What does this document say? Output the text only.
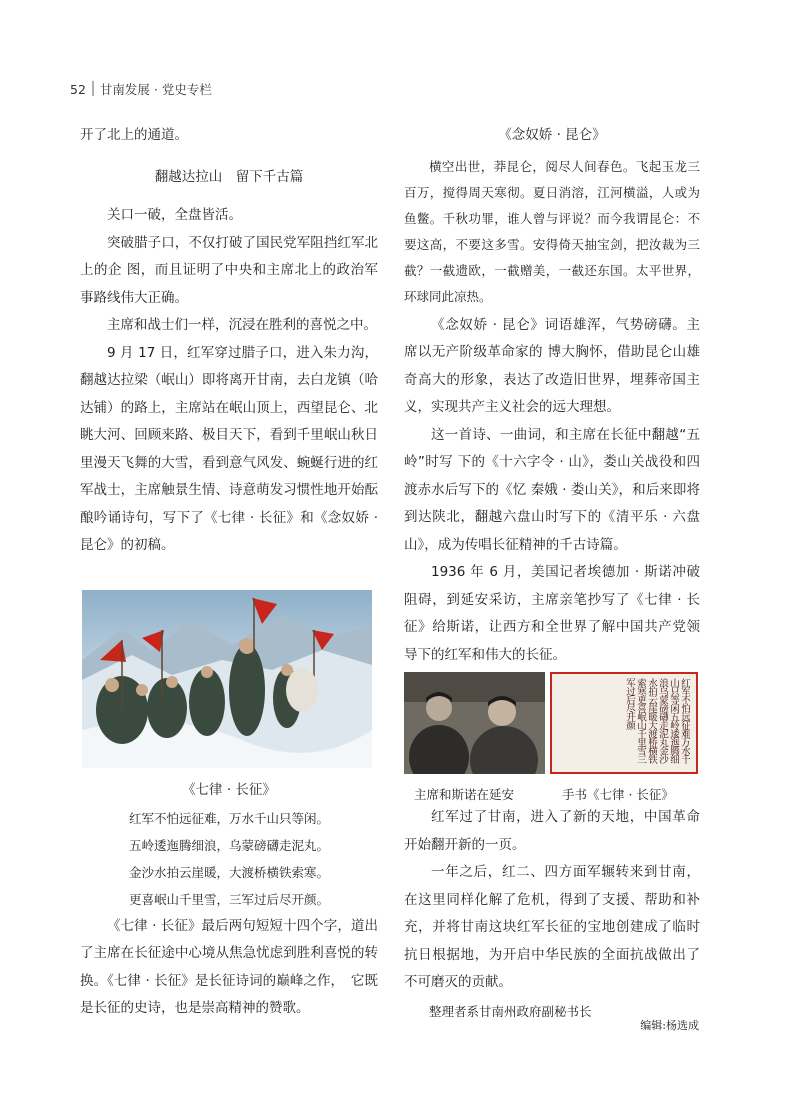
52 甘南发展 · 党史专栏

开了北上的通道。

翻越达拉山　留下千古篇

关口一破，全盘皆活。

突破腊子口，不仅打破了国民党军阻挡红军北上的企 图，而且证明了中央和主席北上的政治军事路线伟大正确。

主席和战士们一样，沉浸在胜利的喜悦之中。

9 月 17 日，红军穿过腊子口，进入朱力沟，翻越达拉梁（岷山）即将离开甘南，去白龙镇（哈达铺）的路上，主席站在岷山顶上，西望昆仑、北眺大河、回顾来路、极目天下，看到千里岷山秋日里漫天飞舞的大雪，看到意气风发、蜿蜒行进的红军战士，主席触景生情、诗意萌发习惯性地开始酝酿吟诵诗句，写下了《七律 · 长征》和《念奴娇 · 昆仑》的初稿。

《七律 · 长征》

红军不怕远征难，万水千山只等闲。
五岭逶迤腾细浪，乌蒙磅礴走泥丸。
金沙水拍云崖暖，大渡桥横铁索寒。
更喜岷山千里雪，三军过后尽开颜。

《七律 · 长征》最后两句短短十四个字，道出了主席在长征途中心境从焦急忧虑到胜利喜悦的转换。《七律 · 长征》是长征诗词的巅峰之作，　它既是长征的史诗，也是崇高精神的赞歌。

《念奴娇 · 昆仑》

横空出世，莽昆仑，阅尽人间春色。飞起玉龙三百万，搅得周天寒彻。夏日消溶，江河横溢，人或为鱼鳖。千秋功罪，谁人曾与评说？而今我谓昆仑：不要这高，不要这多雪。安得倚天抽宝剑，把汝裁为三截？一截遗欧，一截赠美，一截还东国。太平世界，环球同此凉热。

《念奴娇 · 昆仑》词语雄浑，气势磅礴。主席以无产阶级革命家的 博大胸怀，借助昆仑山雄奇高大的形象，表达了改造旧世界，埋葬帝国主义，实现共产主义社会的远大理想。

这一首诗、一曲词，和主席在长征中翻越“五岭”时写 下的《十六字令 · 山》，娄山关战役和四渡赤水后写下的《忆 秦娥 · 娄山关》，和后来即将到达陕北，翻越六盘山时写下的《清平乐 · 六盘山》，成为传唱长征精神的千古诗篇。

1936 年 6 月，美国记者埃德加 · 斯诺冲破阻碍，到延安采访，主席亲笔抄写了《七律 · 长征》给斯诺，让西方和全世界了解中国共产党领导下的红军和伟大的长征。

红军不怕远征难万水千山只等闲五岭逶迤腾细浪乌蒙磅礴走泥丸金沙水拍云崖暖大渡桥横铁索寒更喜岷山千里雪三军过后尽开颜
主席和斯诺在延安	手书《七律 · 长征》

红军过了甘南，进入了新的天地，中国革命开始翻开新的一页。

一年之后，红二、四方面军辗转来到甘南，在这里同样化解了危机，得到了支援、帮助和补充，并将甘南这块红军长征的宝地创建成了临时抗日根据地，为开启中华民族的全面抗战做出了不可磨灭的贡献。

整理者系甘南州政府副秘书长

编辑:杨选成
